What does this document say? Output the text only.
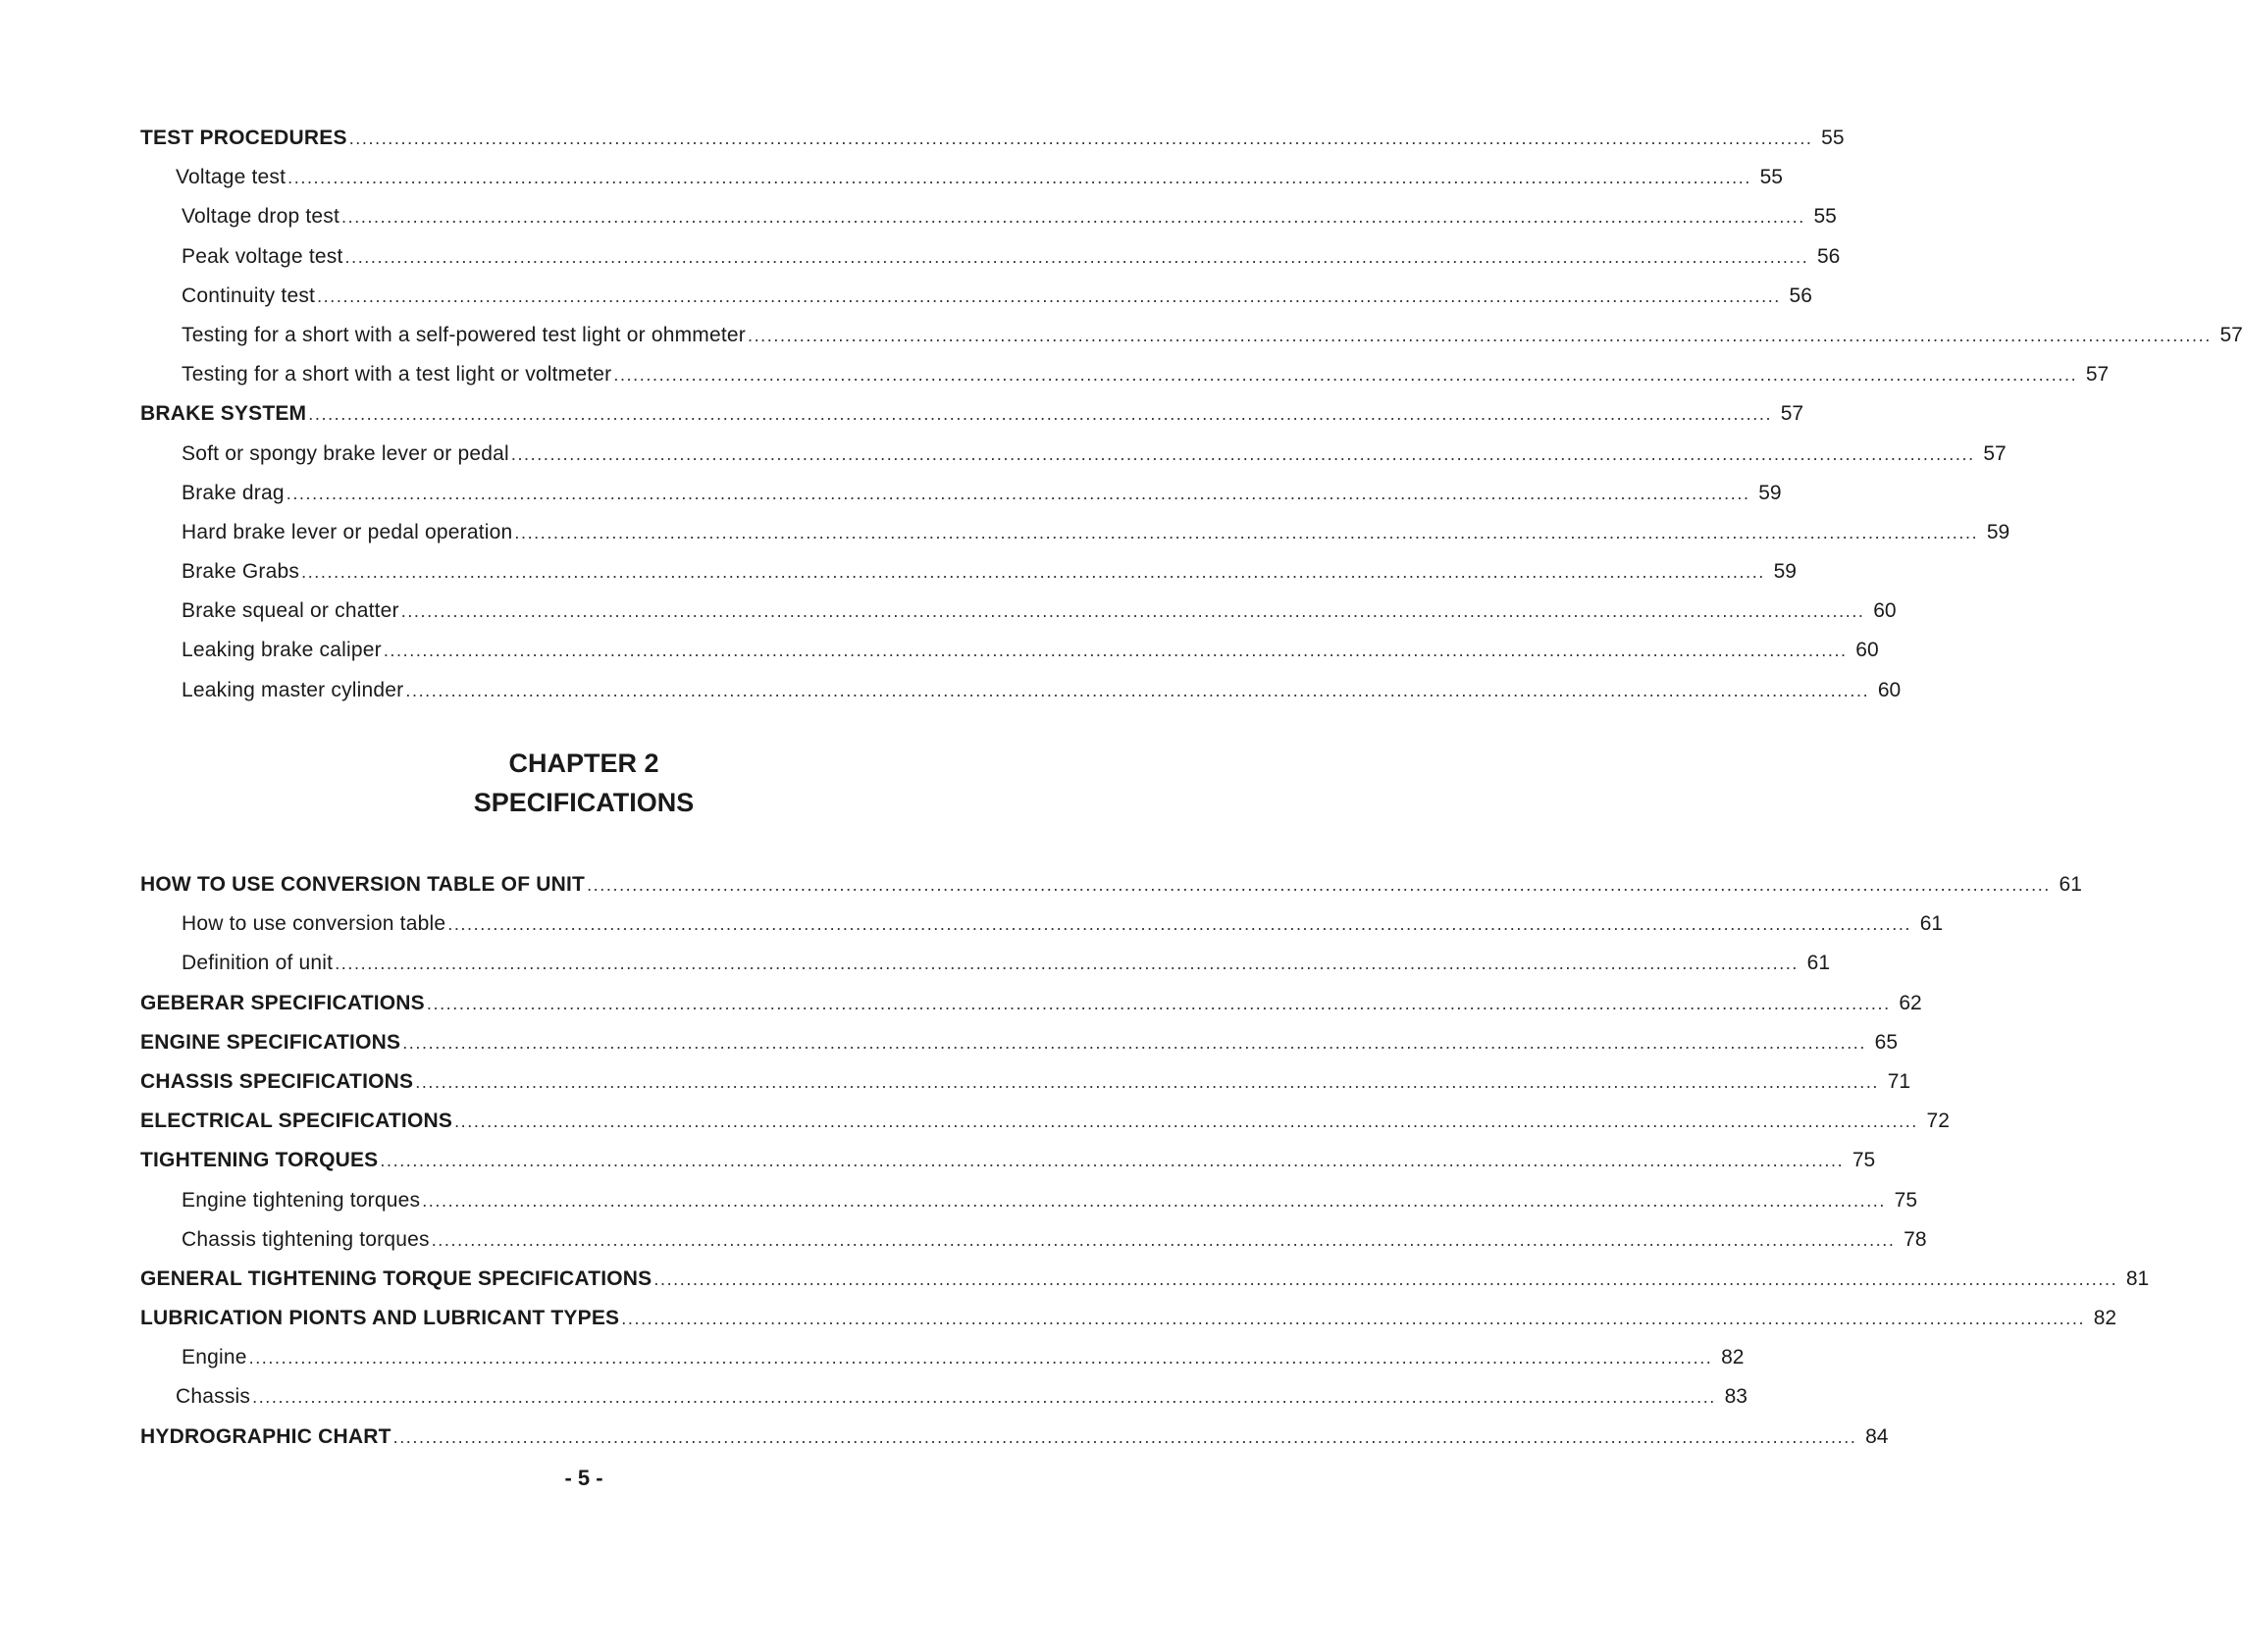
TEST PROCEDURES .................................................................................................................................................................................................................................. 55
Voltage test .................................................................................................................................................................................................................................. 55
Voltage drop test .................................................................................................................................................................................................................................. 55
Peak voltage test .................................................................................................................................................................................................................................. 56
Continuity test .................................................................................................................................................................................................................................. 56
Testing for a short with a self-powered test light or ohmmeter .................................................................................................................................................................................................................................. 57
Testing for a short with a test light or voltmeter .................................................................................................................................................................................................................................. 57
BRAKE SYSTEM .................................................................................................................................................................................................................................. 57
Soft or spongy brake lever or pedal .................................................................................................................................................................................................................................. 57
Brake drag .................................................................................................................................................................................................................................. 59
Hard brake lever or pedal operation .................................................................................................................................................................................................................................. 59
Brake Grabs .................................................................................................................................................................................................................................. 59
Brake squeal or chatter .................................................................................................................................................................................................................................. 60
Leaking brake caliper .................................................................................................................................................................................................................................. 60
Leaking master cylinder .................................................................................................................................................................................................................................. 60
CHAPTER 2
SPECIFICATIONS
HOW TO USE CONVERSION TABLE OF UNIT .................................................................................................................................................................................................................................. 61
How to use conversion table .................................................................................................................................................................................................................................. 61
Definition of unit .................................................................................................................................................................................................................................. 61
GEBERAR SPECIFICATIONS .................................................................................................................................................................................................................................. 62
ENGINE SPECIFICATIONS .................................................................................................................................................................................................................................. 65
CHASSIS SPECIFICATIONS .................................................................................................................................................................................................................................. 71
ELECTRICAL SPECIFICATIONS .................................................................................................................................................................................................................................. 72
TIGHTENING TORQUES .................................................................................................................................................................................................................................. 75
Engine tightening torques .................................................................................................................................................................................................................................. 75
Chassis tightening torques .................................................................................................................................................................................................................................. 78
GENERAL TIGHTENING TORQUE SPECIFICATIONS .................................................................................................................................................................................................................................. 81
LUBRICATION PIONTS AND LUBRICANT TYPES .................................................................................................................................................................................................................................. 82
Engine .................................................................................................................................................................................................................................. 82
Chassis .................................................................................................................................................................................................................................. 83
HYDROGRAPHIC CHART .................................................................................................................................................................................................................................. 84
- 5 -
